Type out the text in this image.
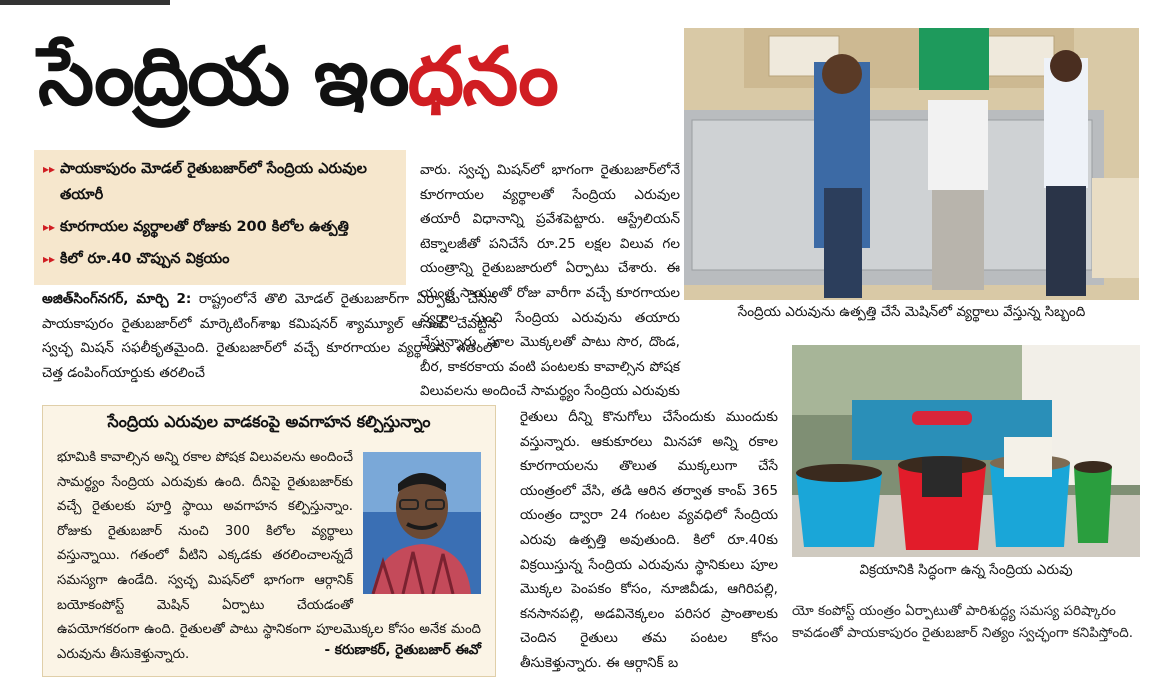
సేంద్రియ ఇంధనం
▸▸ పాయకాపురం మోడల్ రైతుబజార్‌లో సేంద్రియ ఎరువుల తయారీ
▸▸ కూరగాయల వ్యర్థాలతో రోజుకు 200 కిలోల ఉత్పత్తి
▸▸ కిలో రూ.40 చొప్పున విక్రయం

అజిత్‌సింగ్‌నగర్, మార్చి 2: రాష్ట్రంలోనే తొలి మోడల్ రైతుబజార్‌గా ఏర్పాటు చేసిన పాయకాపురం రైతుబజార్‌లో మార్కెటింగ్‌శాఖ కమిషనర్ శ్యామ్యూల్ ఆనంద్ చేపట్టిన స్వచ్ఛ మిషన్ సఫలీకృతమైంది. రైతుబజార్‌లో వచ్చే కూరగాయల వ్యర్థాలను గతంలో చెత్త డంపింగ్‌యార్డుకు తరలించే

వారు. స్వచ్ఛ మిషన్‌లో భాగంగా రైతుబజార్‌లోనే కూరగాయల వ్యర్థాలతో సేంద్రియ ఎరువుల తయారీ విధానాన్ని ప్రవేశపెట్టారు. ఆస్ట్రేలియన్ టెక్నాలజీతో పనిచేసే రూ.25 లక్షల విలువ గల యంత్రాన్ని రైతుబజారులో ఏర్పాటు చేశారు. ఈ యంత్ర సాయంతో రోజు వారీగా వచ్చే కూరగాయల వ్యర్థాల నుంచి సేంద్రియ ఎరువును తయారు చేస్తున్నారు. పూల మొక్కలతో పాటు సొర, దొండ, బీర, కాకరకాయ వంటి పంటలకు కావాల్సిన పోషక విలువలను అందించే సామర్థ్యం సేంద్రియ ఎరువుకు

రైతులు దీన్ని కొనుగోలు చేసేందుకు ముందుకు వస్తున్నారు. ఆకుకూరలు మినహా అన్ని రకాల కూరగాయలను తొలుత ముక్కలుగా చేసే యంత్రంలో వేసి, తడి ఆరిన తర్వాత కాంప్ 365 యంత్రం ద్వారా 24 గంటల వ్యవధిలో సేంద్రియ ఎరువు ఉత్పత్తి అవుతుంది. కిలో రూ.40కు విక్రయిస్తున్న సేంద్రియ ఎరువును స్థానికులు పూల మొక్కల పెంపకం కోసం, నూజివీడు, ఆగిరిపల్లి, కనసానపల్లి, అడవినెక్కలం పరిసర ప్రాంతాలకు చెందిన రైతులు తమ పంటల కోసం తీసుకెళ్తున్నారు. ఈ ఆర్గానిక్ బ

సేంద్రియ ఎరువుల వాడకంపై అవగాహన కల్పిస్తున్నాం
భూమికి కావాల్సిన అన్ని రకాల పోషక విలువలను అందించే సామర్థ్యం సేంద్రియ ఎరువుకు ఉంది. దీనిపై రైతుబజార్‌కు వచ్చే రైతులకు పూర్తి స్థాయి అవగాహన కల్పిస్తున్నాం. రోజుకు రైతుబజార్ నుంచి 300 కిలోల వ్యర్థాలు వస్తున్నాయి. గతంలో వీటిని ఎక్కడకు తరలించాలన్నదే సమస్యగా ఉండేది. స్వచ్ఛ మిషన్‌లో భాగంగా ఆర్గానిక్ బయోకంపోస్ట్ మెషిన్ ఏర్పాటు చేయడంతో ఉపయోగకరంగా ఉంది. రైతులతో పాటు స్థానికంగా పూలమొక్కల కోసం అనేక మంది ఎరువును తీసుకెళ్తున్నారు.	- కరుణాకర్, రైతుబజార్ ఈవో
సేంద్రియ ఎరువును ఉత్పత్తి చేసే మెషిన్‌లో వ్యర్థాలు వేస్తున్న సిబ్బంది
విక్రయానికి సిద్ధంగా ఉన్న సేంద్రియ ఎరువు
యో కంపోస్ట్ యంత్రం ఏర్పాటుతో పారిశుద్ధ్య సమస్య పరిష్కారం కావడంతో పాయకాపురం రైతుబజార్ నిత్యం స్వచ్ఛంగా కనిపిస్తోంది.
